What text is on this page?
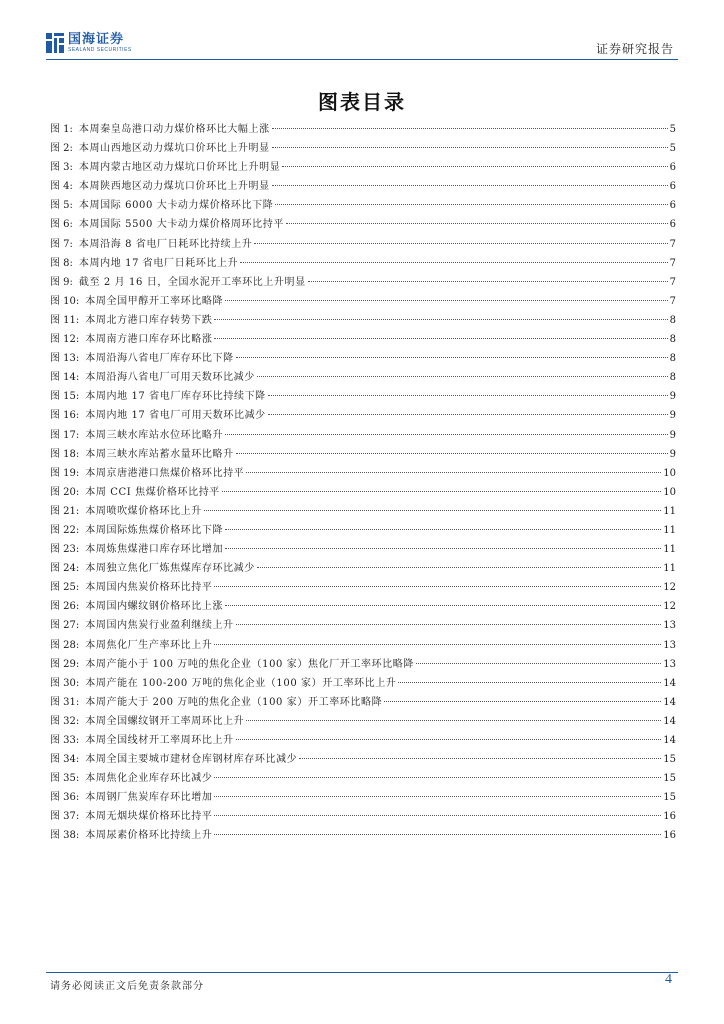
国海证券
SEALAND SECURITIES	证券研究报告
图表目录
图 1: 本周秦皇岛港口动力煤价格环比大幅上涨	5
图 2: 本周山西地区动力煤坑口价环比上升明显	5
图 3: 本周内蒙古地区动力煤坑口价环比上升明显	6
图 4: 本周陕西地区动力煤坑口价环比上升明显	6
图 5: 本周国际 6000 大卡动力煤价格环比下降	6
图 6: 本周国际 5500 大卡动力煤价格周环比持平	6
图 7: 本周沿海 8 省电厂日耗环比持续上升	7
图 8: 本周内地 17 省电厂日耗环比上升	7
图 9: 截至 2 月 16 日，全国水泥开工率环比上升明显	7
图 10: 本周全国甲醇开工率环比略降	7
图 11: 本周北方港口库存转势下跌	8
图 12: 本周南方港口库存环比略涨	8
图 13: 本周沿海八省电厂库存环比下降	8
图 14: 本周沿海八省电厂可用天数环比减少	8
图 15: 本周内地 17 省电厂库存环比持续下降	9
图 16: 本周内地 17 省电厂可用天数环比减少	9
图 17: 本周三峡水库站水位环比略升	9
图 18: 本周三峡水库站蓄水量环比略升	9
图 19: 本周京唐港港口焦煤价格环比持平	10
图 20: 本周 CCI 焦煤价格环比持平	10
图 21: 本周喷吹煤价格环比上升	11
图 22: 本周国际炼焦煤价格环比下降	11
图 23: 本周炼焦煤港口库存环比增加	11
图 24: 本周独立焦化厂炼焦煤库存环比减少	11
图 25: 本周国内焦炭价格环比持平	12
图 26: 本周国内螺纹钢价格环比上涨	12
图 27: 本周国内焦炭行业盈利继续上升	13
图 28: 本周焦化厂生产率环比上升	13
图 29: 本周产能小于 100 万吨的焦化企业（100 家）焦化厂开工率环比略降	13
图 30: 本周产能在 100-200 万吨的焦化企业（100 家）开工率环比上升	14
图 31: 本周产能大于 200 万吨的焦化企业（100 家）开工率环比略降	14
图 32: 本周全国螺纹钢开工率周环比上升	14
图 33: 本周全国线材开工率周环比上升	14
图 34: 本周全国主要城市建材仓库钢材库存环比减少	15
图 35: 本周焦化企业库存环比减少	15
图 36: 本周钢厂焦炭库存环比增加	15
图 37: 本周无烟块煤价格环比持平	16
图 38: 本周尿素价格环比持续上升	16
请务必阅读正文后免责条款部分	4
